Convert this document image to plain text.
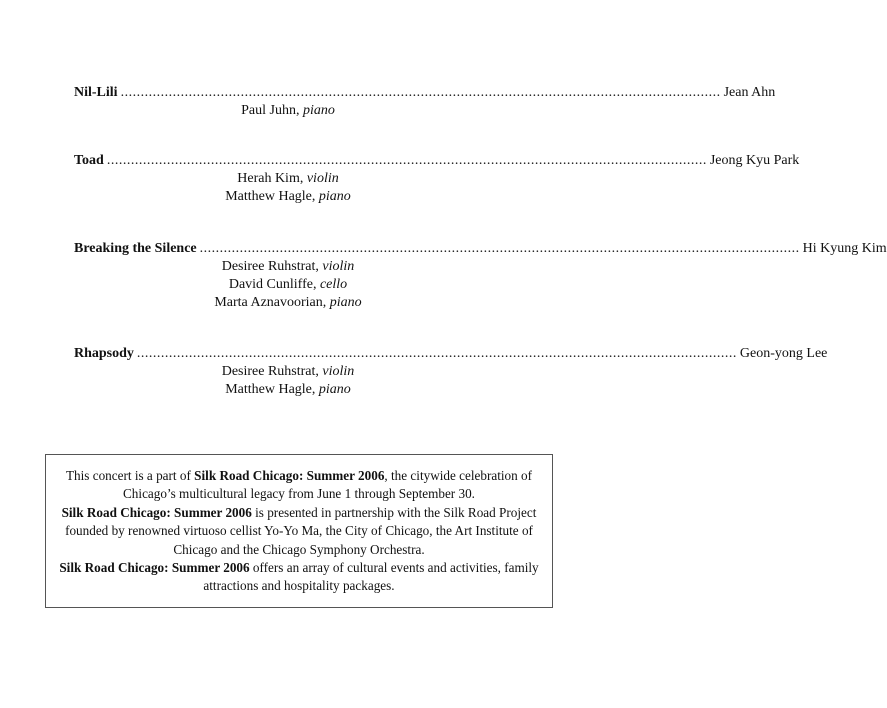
Nil-Lili ...................................................................................................................................................... Jean Ahn
Paul Juhn, piano
Toad ...................................................................................................................................................... Jeong Kyu Park
Herah Kim, violin
Matthew Hagle, piano
Breaking the Silence ...................................................................................................................................................... Hi Kyung Kim
Desiree Ruhstrat, violin
David Cunliffe, cello
Marta Aznavoorian, piano
Rhapsody ...................................................................................................................................................... Geon-yong Lee
Desiree Ruhstrat, violin
Matthew Hagle, piano
This concert is a part of Silk Road Chicago: Summer 2006, the citywide celebration of Chicago’s multicultural legacy from June 1 through September 30.
Silk Road Chicago: Summer 2006 is presented in partnership with the Silk Road Project founded by renowned virtuoso cellist Yo-Yo Ma, the City of Chicago, the Art Institute of Chicago and the Chicago Symphony Orchestra.
Silk Road Chicago: Summer 2006 offers an array of cultural events and activities, family attractions and hospitality packages.
